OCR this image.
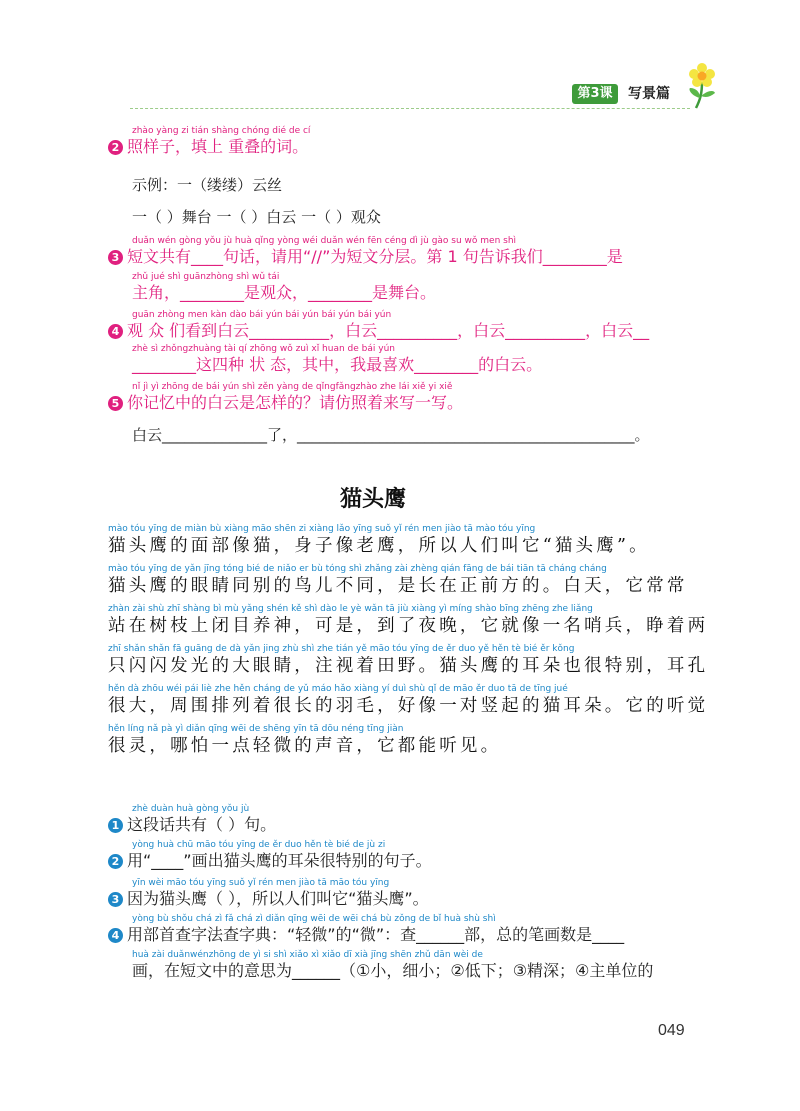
第3课	写景篇
zhào yàng zi tián shàng chóng dié de cí
2 照样子，填上 重叠的词。
示例：一（缕缕）云丝
一（ ）舞台 一（ ）白云 一（ ）观众
duǎn wén gòng yǒu jù huà qǐng yòng wéi duǎn wén fēn céng dì jù gào su wǒ men shì
3 短文共有____句话，请用“//”为短文分层。第 1 句告诉我们________是
zhǔ jué shì guānzhòng shì wǔ tái
主角，________是观众，________是舞台。
guān zhòng men kàn dào bái yún bái yún bái yún bái yún
4 观 众 们看到白云__________，白云__________，白云__________，白云__
zhè sì zhǒngzhuàng tài qí zhōng wǒ zuì xǐ huan de bái yún
________这四种 状 态，其中，我最喜欢________的白云。
nǐ jì yì zhōng de bái yún shì zěn yàng de qǐngfǎngzhào zhe lái xiě yi xiě
5 你记忆中的白云是怎样的？请仿照着来写一写。
白云______________了，_____________________________________________。
猫头鹰
mào tóu yīng de miàn bù xiàng māo shēn zi xiàng lǎo yīng suǒ yǐ rén men jiào tā mào tóu yīng
猫头鹰的面部像猫，身子像老鹰，所以人们叫它“猫头鹰”。
mào tóu yīng de yǎn jīng tóng bié de niǎo er bù tóng shì zhǎng zài zhèng qián fāng de bái tiān tā cháng cháng
猫头鹰的眼睛同别的鸟儿不同，是长在正前方的。白天，它常常
zhàn zài shù zhī shàng bì mù yǎng shén kě shì dào le yè wǎn tā jiù xiàng yì míng shào bīng zhēng zhe liǎng
站在树枝上闭目养神，可是，到了夜晚，它就像一名哨兵，睁着两
zhī shǎn shǎn fā guāng de dà yǎn jing zhù shì zhe tián yě māo tóu yīng de ěr duo yě hěn tè bié ěr kǒng
只闪闪发光的大眼睛，注视着田野。猫头鹰的耳朵也很特别，耳孔
hěn dà zhōu wéi pái liè zhe hěn cháng de yǔ máo hǎo xiàng yí duì shù qǐ de māo ěr duo tā de tīng jué
很大，周围排列着很长的羽毛，好像一对竖起的猫耳朵。它的听觉
hěn líng nǎ pà yì diǎn qīng wēi de shēng yīn tā dōu néng tīng jiàn
很灵，哪怕一点轻微的声音，它都能听见。
zhè duàn huà gòng yǒu jù
1 这段话共有（ ）句。
yòng huà chū māo tóu yīng de ěr duo hěn tè bié de jù zi
2 用“____”画出猫头鹰的耳朵很特别的句子。
yīn wèi māo tóu yīng suǒ yǐ rén men jiào tā māo tóu yīng
3 因为猫头鹰（ ），所以人们叫它“猫头鹰”。
yòng bù shǒu chá zì fǎ chá zì diǎn qīng wēi de wēi chá bù zǒng de bǐ huà shù shì
4 用部首查字法查字典：“轻微”的“微”：查______部，总的笔画数是____
huà zài duǎnwénzhōng de yì si shì xiǎo xì xiǎo dī xià jīng shēn zhǔ dān wèi de
画，在短文中的意思为______（①小，细小；②低下；③精深；④主单位的
049
